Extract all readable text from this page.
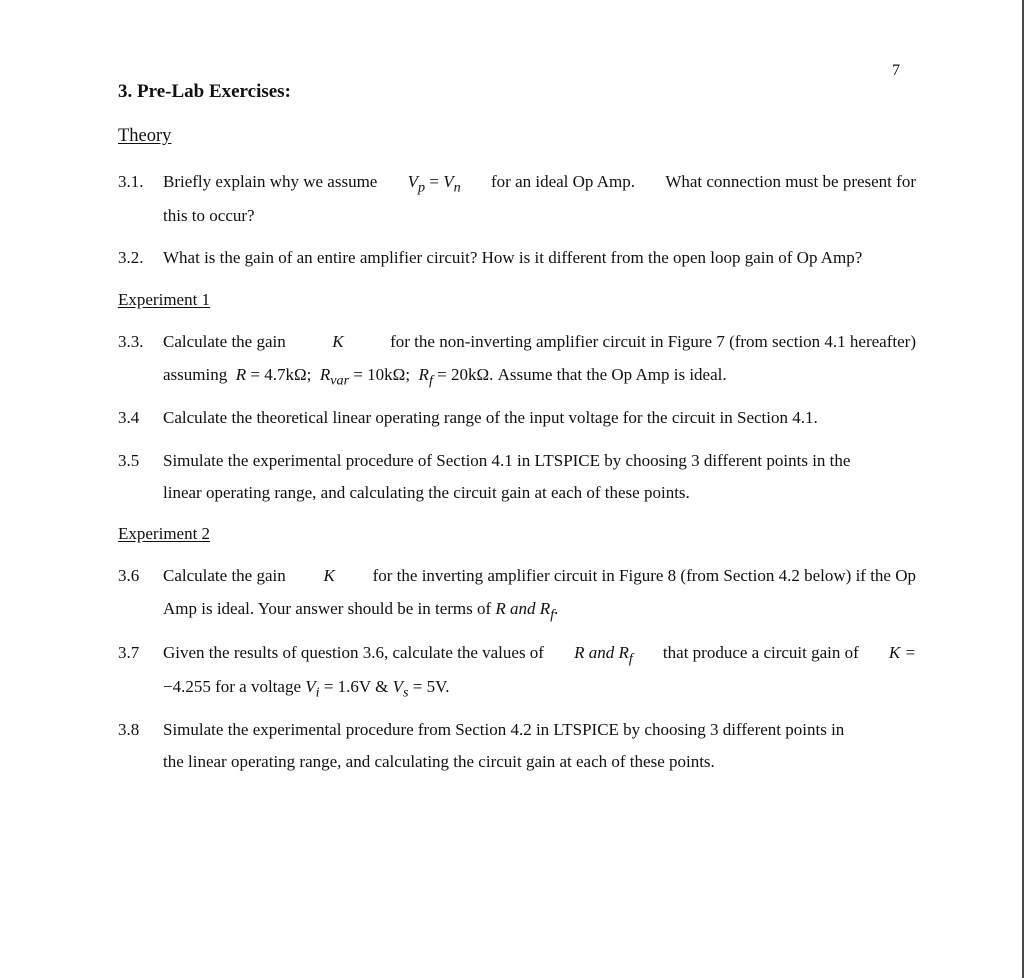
7
3. Pre-Lab Exercises:
Theory
3.1. Briefly explain why we assume $V_p = V_n$ for an ideal Op Amp. What connection must be present for
this to occur?
3.2. What is the gain of an entire amplifier circuit? How is it different from the open loop gain of Op Amp?
Experiment 1
3.3. Calculate the gain	K	for the non-inverting amplifier circuit in Figure 7 (from section 4.1 hereafter)
assuming R = 4.7kΩ; $R_{var} = 10k\Omega$; $R_f = 20k\Omega$. Assume that the Op Amp is ideal.
3.4 Calculate the theoretical linear operating range of the input voltage for the circuit in Section 4.1.
3.5 Simulate the experimental procedure of Section 4.1 in LTSPICE by choosing 3 different points in the
linear operating range, and calculating the circuit gain at each of these points.
Experiment 2
3.6 Calculate the gain K for the inverting amplifier circuit in Figure 8 (from Section 4.2 below) if the Op
Amp is ideal. Your answer should be in terms of R and $R_f$.
3.7 Given the results of question 3.6, calculate the values of R and $R_f$ that produce a circuit gain of K =
−4.255 for a voltage $V_i = 1.6V$ & $V_s = 5V$.
3.8 Simulate the experimental procedure from Section 4.2 in LTSPICE by choosing 3 different points in
the linear operating range, and calculating the circuit gain at each of these points.
